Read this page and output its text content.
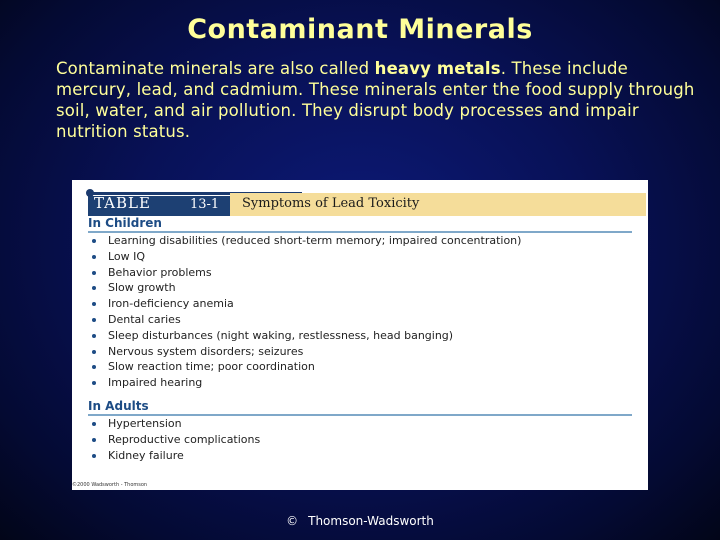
Contaminant Minerals
Contaminate minerals are also called heavy metals. These include mercury, lead, and cadmium. These minerals enter the food supply through soil, water, and air pollution. They disrupt body processes and impair nutrition status.
TABLE	13-1 Symptoms of Lead Toxicity
In Children
Learning disabilities (reduced short-term memory; impaired concentration)
Low IQ
Behavior problems
Slow growth
Iron-deficiency anemia
Dental caries
Sleep disturbances (night waking, restlessness, head banging)
Nervous system disorders; seizures
Slow reaction time; poor coordination
Impaired hearing
In Adults
Hypertension
Reproductive complications
Kidney failure
©2000 Wadsworth - Thomson
© Thomson-Wadsworth
